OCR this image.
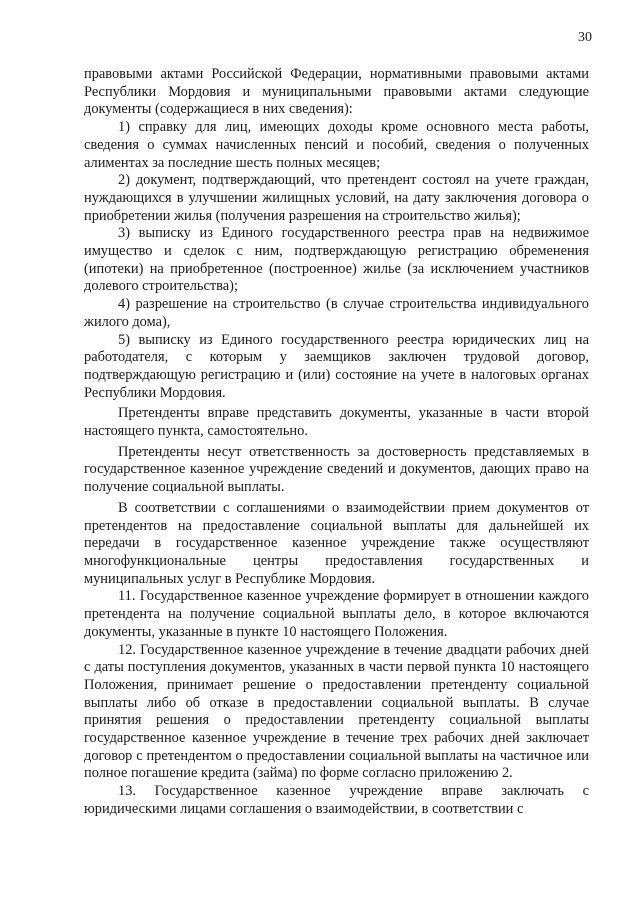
30

правовыми актами Российской Федерации, нормативными правовыми актами Республики Мордовия и муниципальными правовыми актами следующие документы (содержащиеся в них сведения):

1) справку для лиц, имеющих доходы кроме основного места работы, сведения о суммах начисленных пенсий и пособий, сведения о полученных алиментах за последние шесть полных месяцев;

2) документ, подтверждающий, что претендент состоял на учете граждан, нуждающихся в улучшении жилищных условий, на дату заключения договора о приобретении жилья (получения разрешения на строительство жилья);

3) выписку из Единого государственного реестра прав на недвижимое имущество и сделок с ним, подтверждающую регистрацию обременения (ипотеки) на приобретенное (построенное) жилье (за исключением участников долевого строительства);

4) разрешение на строительство (в случае строительства индивидуального жилого дома),

5) выписку из Единого государственного реестра юридических лиц на работодателя, с которым у заемщиков заключен трудовой договор, подтверждающую регистрацию и (или) состояние на учете в налоговых органах Республики Мордовия.

Претенденты вправе представить документы, указанные в части второй настоящего пункта, самостоятельно.

Претенденты несут ответственность за достоверность представляемых в государственное казенное учреждение сведений и документов, дающих право на получение социальной выплаты.

В соответствии с соглашениями о взаимодействии прием документов от претендентов на предоставление социальной выплаты для дальнейшей их передачи в государственное казенное учреждение также осуществляют многофункциональные центры предоставления государственных и муниципальных услуг в Республике Мордовия.

11. Государственное казенное учреждение формирует в отношении каждого претендента на получение социальной выплаты дело, в которое включаются документы, указанные в пункте 10 настоящего Положения.

12. Государственное казенное учреждение в течение двадцати рабочих дней с даты поступления документов, указанных в части первой пункта 10 настоящего Положения, принимает решение о предоставлении претенденту социальной выплаты либо об отказе в предоставлении социальной выплаты. В случае принятия решения о предоставлении претенденту социальной выплаты государственное казенное учреждение в течение трех рабочих дней заключает договор с претендентом о предоставлении социальной выплаты на частичное или полное погашение кредита (займа) по форме согласно приложению 2.

13. Государственное казенное учреждение вправе заключать с юридическими лицами соглашения о взаимодействии, в соответствии с
